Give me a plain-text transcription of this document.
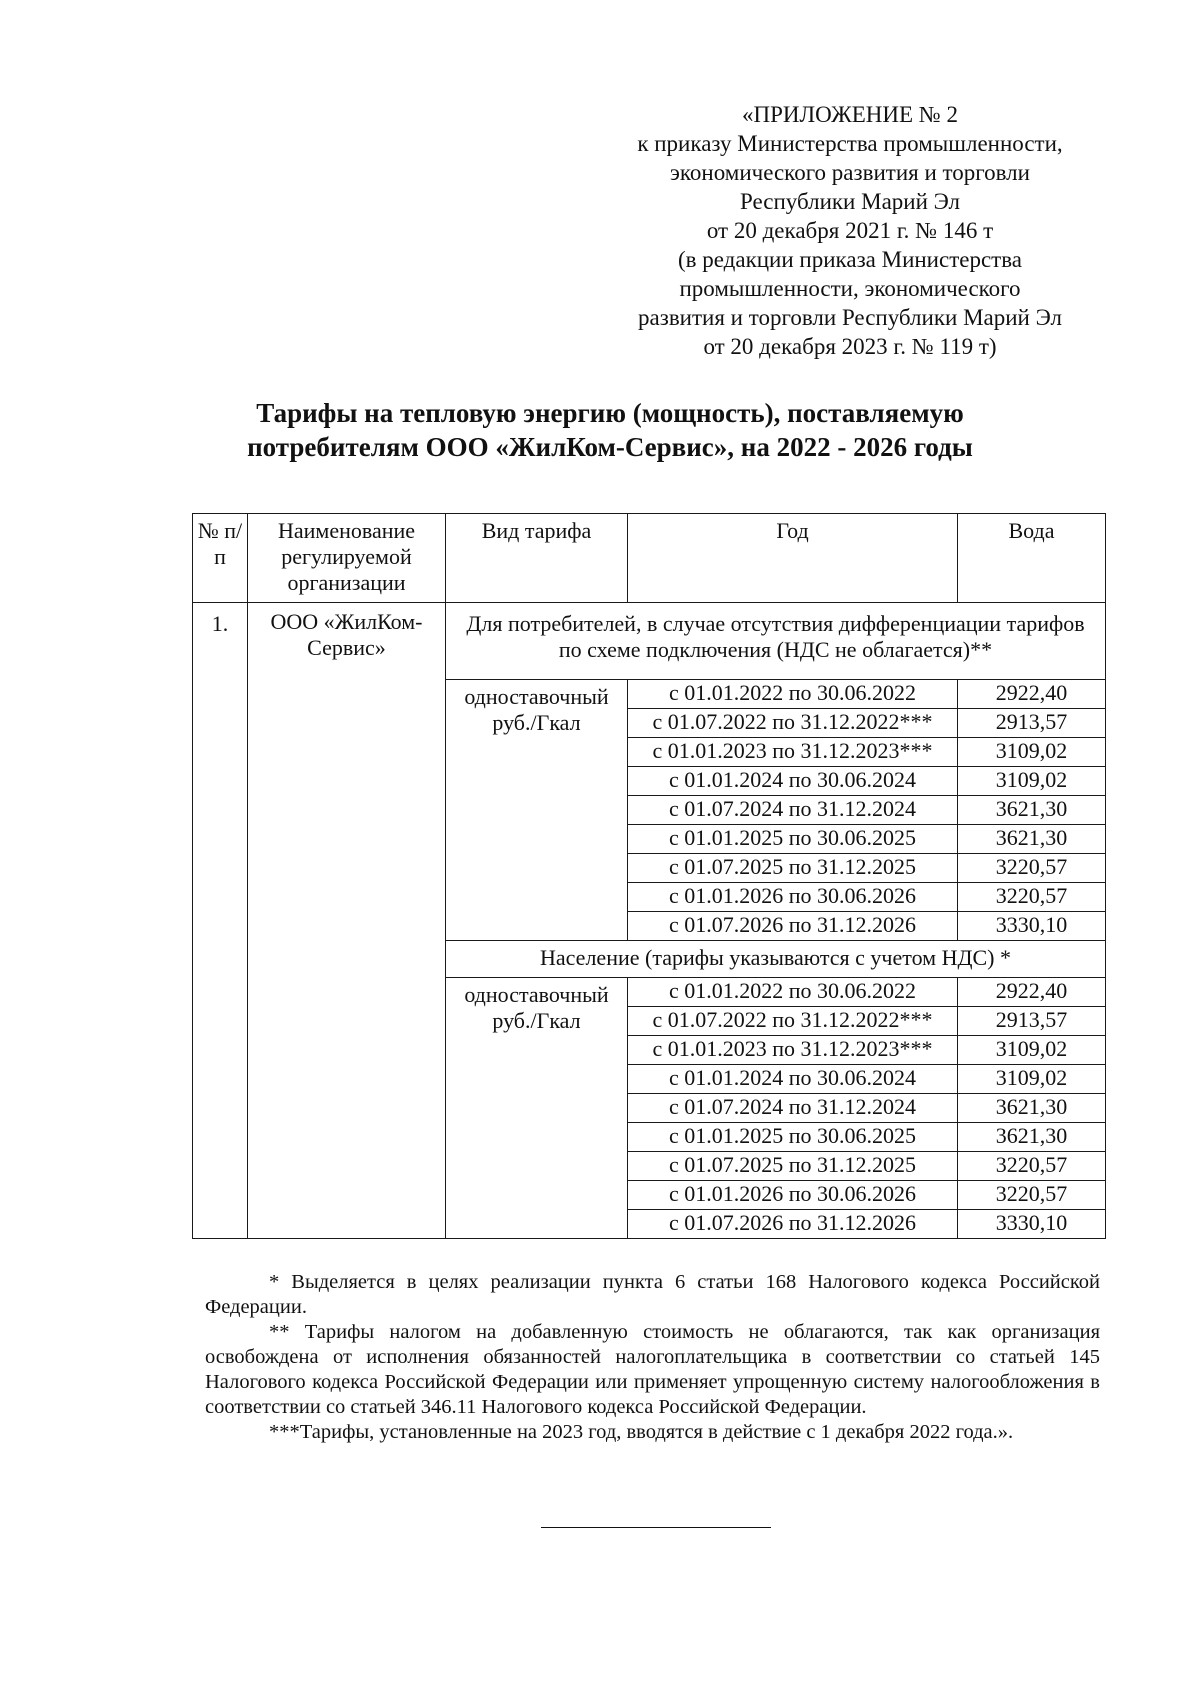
«ПРИЛОЖЕНИЕ № 2
к приказу Министерства промышленности,
экономического развития и торговли
Республики Марий Эл
от 20 декабря 2021 г. № 146 т
(в редакции приказа Министерства
промышленности, экономического
развития и торговли Республики Марий Эл
от 20 декабря 2023 г. № 119 т)
Тарифы на тепловую энергию (мощность), поставляемую
потребителям ООО «ЖилКом-Сервис», на 2022 - 2026 годы
№ п/п	Наименование регулируемой организации	Вид тарифа	Год	Вода
1.	ООО «ЖилКом-Сервис»	Для потребителей, в случае отсутствия дифференциации тарифов по схеме подключения (НДС не облагается)**		
		одноставочный руб./Гкал	с 01.01.2022 по 30.06.2022	2922,40
			с 01.07.2022 по 31.12.2022***	2913,57
			с 01.01.2023 по 31.12.2023***	3109,02
			с 01.01.2024 по 30.06.2024	3109,02
			с 01.07.2024 по 31.12.2024	3621,30
			с 01.01.2025 по 30.06.2025	3621,30
			с 01.07.2025 по 31.12.2025	3220,57
			с 01.01.2026 по 30.06.2026	3220,57
			с 01.07.2026 по 31.12.2026	3330,10
		Население (тарифы указываются с учетом НДС) *		
		одноставочный руб./Гкал	с 01.01.2022 по 30.06.2022	2922,40
			с 01.07.2022 по 31.12.2022***	2913,57
			с 01.01.2023 по 31.12.2023***	3109,02
			с 01.01.2024 по 30.06.2024	3109,02
			с 01.07.2024 по 31.12.2024	3621,30
			с 01.01.2025 по 30.06.2025	3621,30
			с 01.07.2025 по 31.12.2025	3220,57
			с 01.01.2026 по 30.06.2026	3220,57
			с 01.07.2026 по 31.12.2026	3330,10

* Выделяется в целях реализации пункта 6 статьи 168 Налогового кодекса Российской Федерации.

** Тарифы налогом на добавленную стоимость не облагаются, так как организация освобождена от исполнения обязанностей налогоплательщика в соответствии со статьей 145 Налогового кодекса Российской Федерации или применяет упрощенную систему налогообложения в соответствии со статьей 346.11 Налогового кодекса Российской Федерации.

***Тарифы, установленные на 2023 год, вводятся в действие с 1 декабря 2022 года.».
